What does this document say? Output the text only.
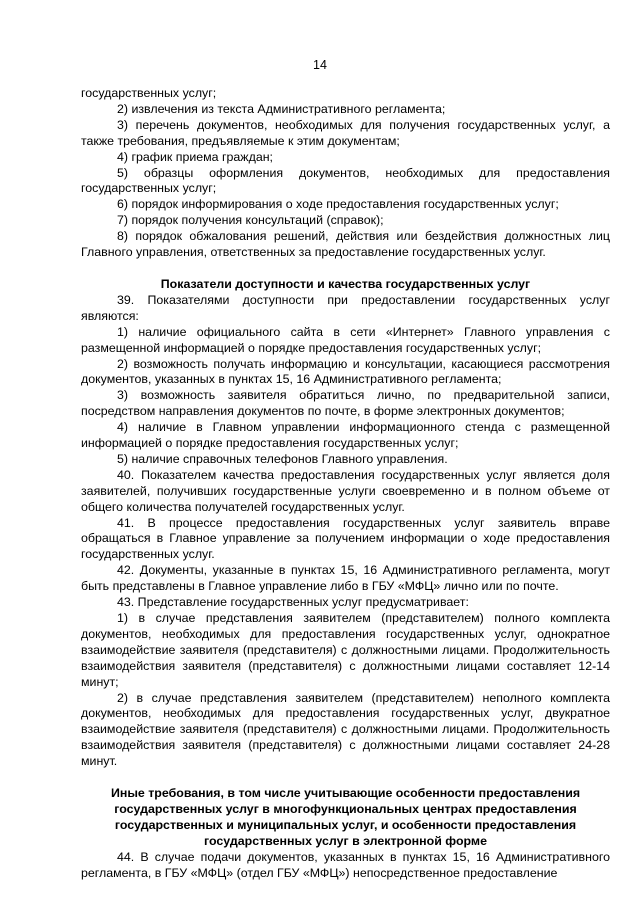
14

государственных услуг;

2) извлечения из текста Административного регламента;

3) перечень документов, необходимых для получения государственных услуг, а также требования, предъявляемые к этим документам;

4) график приема граждан;

5) образцы оформления документов, необходимых для предоставления государственных услуг;

6) порядок информирования о ходе предоставления государственных услуг;

7) порядок получения консультаций (справок);

8) порядок обжалования решений, действия или бездействия должностных лиц Главного управления, ответственных за предоставление государственных услуг.

Показатели доступности и качества государственных услуг

39. Показателями доступности при предоставлении государственных услуг являются:

1) наличие официального сайта в сети «Интернет» Главного управления с размещенной информацией о порядке предоставления государственных услуг;

2) возможность получать информацию и консультации, касающиеся рассмотрения документов, указанных в пунктах 15, 16 Административного регламента;

3) возможность заявителя обратиться лично, по предварительной записи, посредством направления документов по почте, в форме электронных документов;

4) наличие в Главном управлении информационного стенда с размещенной информацией о порядке предоставления государственных услуг;

5) наличие справочных телефонов Главного управления.

40. Показателем качества предоставления государственных услуг является доля заявителей, получивших государственные услуги своевременно и в полном объеме от общего количества получателей государственных услуг.

41. В процессе предоставления государственных услуг заявитель вправе обращаться в Главное управление за получением информации о ходе предоставления государственных услуг.

42. Документы, указанные в пунктах 15, 16 Административного регламента, могут быть представлены в Главное управление либо в ГБУ «МФЦ» лично или по почте.

43. Представление государственных услуг предусматривает:

1) в случае представления заявителем (представителем) полного комплекта документов, необходимых для предоставления государственных услуг, однократное взаимодействие заявителя (представителя) с должностными лицами. Продолжительность взаимодействия заявителя (представителя) с должностными лицами составляет 12-14 минут;

2) в случае представления заявителем (представителем) неполного комплекта документов, необходимых для предоставления государственных услуг, двукратное взаимодействие заявителя (представителя) с должностными лицами. Продолжительность взаимодействия заявителя (представителя) с должностными лицами составляет 24-28 минут.

Иные требования, в том числе учитывающие особенности предоставления государственных услуг в многофункциональных центрах предоставления государственных и муниципальных услуг, и особенности предоставления государственных услуг в электронной форме

44. В случае подачи документов, указанных в пунктах 15, 16 Административного регламента, в ГБУ «МФЦ» (отдел ГБУ «МФЦ») непосредственное предоставление
